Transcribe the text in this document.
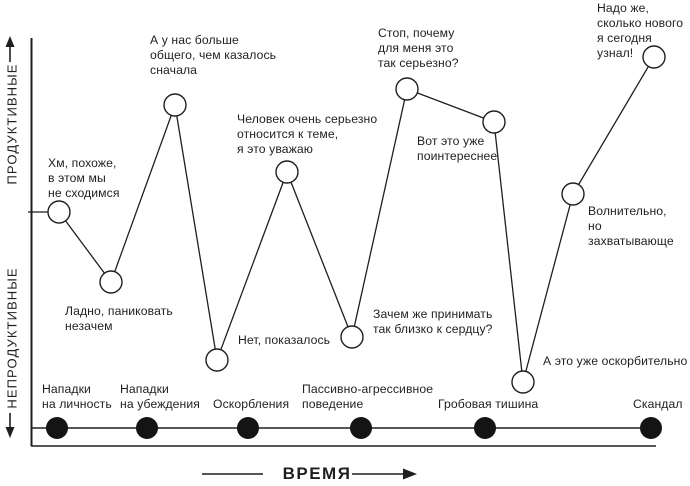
ПРОДУКТИВНЫЕ
НЕПРОДУКТИВНЫЕ
ВРЕМЯ
Хм, похоже,
в этом мы
не сходимся
Ладно, паниковать
незачем
А у нас больше
общего, чем казалось
сначала
Нет, показалось
Человек очень серьезно
относится к теме,
я это уважаю
Зачем же принимать
так близко к сердцу?
Стоп, почему
для меня это
так серьезно?
Вот это уже
поинтереснее
А это уже оскорбительно
Волнительно,
но захватывающе
Надо же,
сколько нового
я сегодня узнал!
Нападки
на личность
Нападки
на убеждения Оскорбления
Пассивно-агрессивное
поведение	Гробовая тишина	Скандал
